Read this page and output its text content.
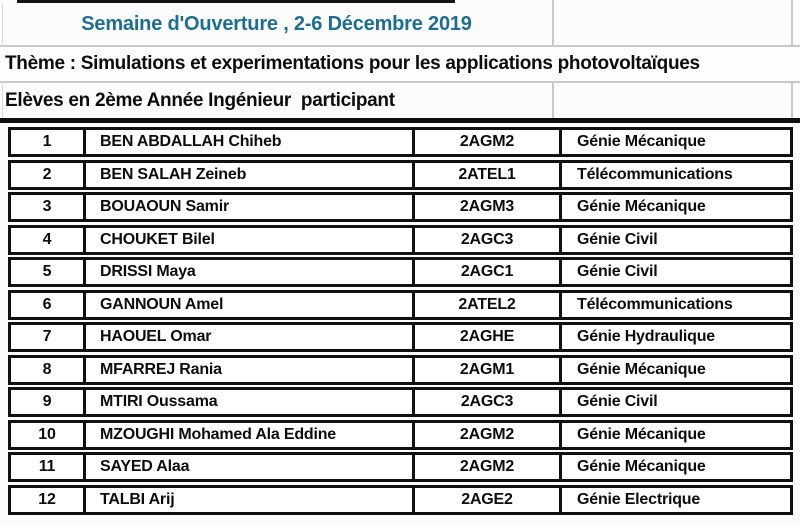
Semaine d'Ouverture , 2-6 Décembre 2019
Thème : Simulations et experimentations pour les applications photovoltaïques
Elèves en 2ème Année Ingénieur  participant
1	BEN ABDALLAH Chiheb	2AGM2	Génie Mécanique
2	BEN SALAH Zeineb	2ATEL1	Télécommunications
3	BOUAOUN Samir	2AGM3	Génie Mécanique
4	CHOUKET Bilel	2AGC3	Génie Civil
5	DRISSI Maya	2AGC1	Génie Civil
6	GANNOUN Amel	2ATEL2	Télécommunications
7	HAOUEL Omar	2AGHE	Génie Hydraulique
8	MFARREJ Rania	2AGM1	Génie Mécanique
9	MTIRI Oussama	2AGC3	Génie Civil
10	MZOUGHI Mohamed Ala Eddine	2AGM2	Génie Mécanique
11	SAYED Alaa	2AGM2	Génie Mécanique
12	TALBI Arij	2AGE2	Génie Electrique
